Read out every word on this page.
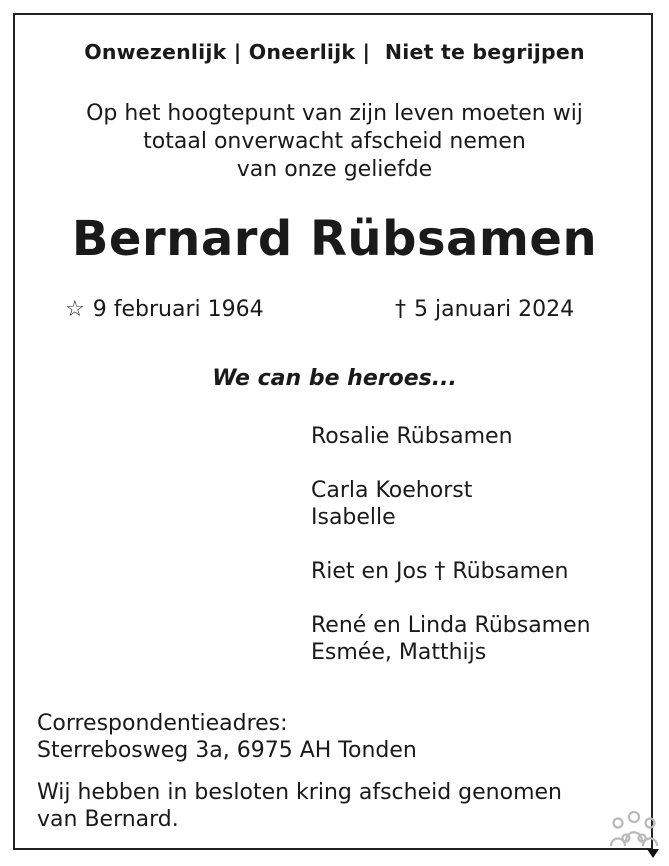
Onwezenlijk | Oneerlijk |  Niet te begrijpen
Op het hoogtepunt van zijn leven moeten wij
totaal onverwacht afscheid nemen
van onze geliefde
Bernard Rübsamen
☆ 9 februari 1964	† 5 januari 2024
We can be heroes...
Rosalie Rübsamen
Carla Koehorst
Isabelle
Riet en Jos † Rübsamen
René en Linda Rübsamen
Esmée, Matthijs
Correspondentieadres:
Sterrebosweg 3a, 6975 AH Tonden
Wij hebben in besloten kring afscheid genomen
van Bernard.
